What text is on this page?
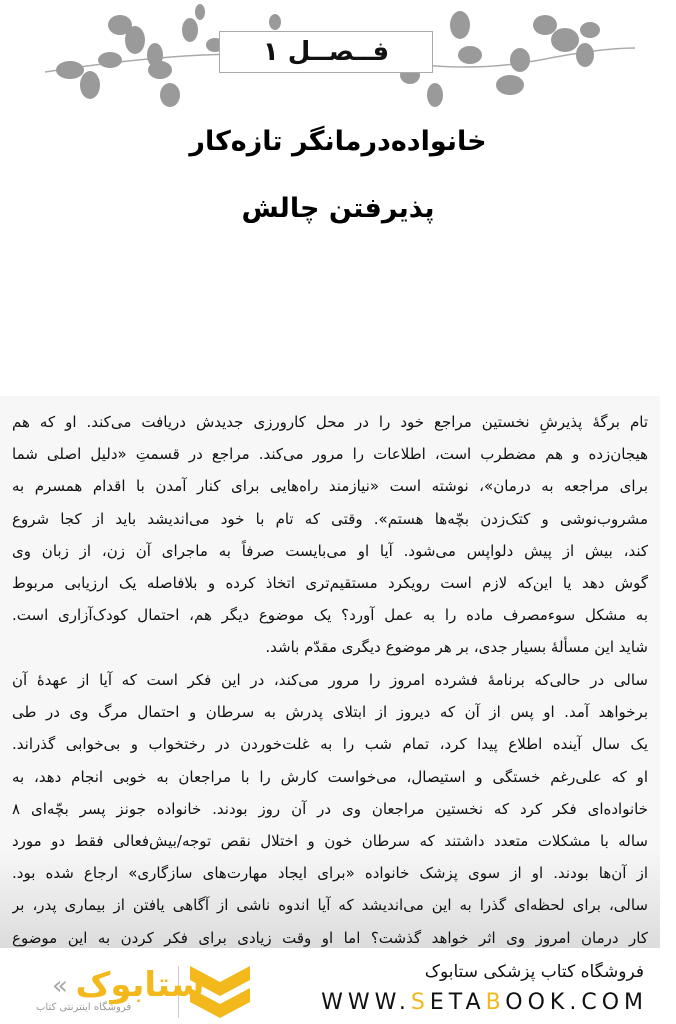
فــصــل ۱
خانواده‌درمانگر تازه‌کار
پذیرفتن چالش
تام برگهٔ پذیرشِ نخستین مراجع خود را در محل کارورزی جدیدش دریافت می‌کند. او که هم
هیجان‌زده و هم مضطرب است، اطلاعات را مرور می‌کند. مراجع در قسمتِ «دلیل اصلی شما
برای مراجعه به درمان»، نوشته است «نیازمند راه‌هایی برای کنار آمدن با اقدام همسرم به
مشروب‌نوشی و کتک‌زدن بچّه‌ها هستم». وقتی که تام با خود می‌اندیشد باید از کجا شروع
کند، بیش از پیش دلواپس می‌شود. آیا او می‌بایست صرفاً به ماجرای آن زن، از زبان وی
گوش دهد یا این‌که لازم است رویکرد مستقیم‌تری اتخاذ کرده و بلافاصله یک ارزیابی مربوط
به مشکل سوءمصرف ماده را به عمل آورد؟ یک موضوع دیگر هم، احتمال کودک‌آزاری است.
شاید این مسألهٔ بسیار جدی، بر هر موضوع دیگری مقدّم باشد.
سالی در حالی‌که برنامهٔ فشرده امروز را مرور می‌کند، در این فکر است که آیا از عهدهٔ آن
برخواهد آمد. او پس از آن که دیروز از ابتلای پدرش به سرطان و احتمال مرگ وی در طی
یک سال آینده اطلاع پیدا کرد، تمام شب را به غلت‌خوردن در رختخواب و بی‌خوابی گذراند.
او که علی‌رغم خستگی و استیصال، می‌خواست کارش را با مراجعان به خوبی انجام دهد، به
خانواده‌ای فکر کرد که نخستین مراجعان وی در آن روز بودند. خانواده جونز پسر بچّه‌ای ۸
ساله با مشکلات متعدد داشتند که سرطان خون و اختلال نقص توجه/بیش‌فعالی فقط دو مورد
از آن‌ها بودند. او از سوی پزشک خانواده «برای ایجاد مهارت‌های سازگاری» ارجاع شده بود.
سالی، برای لحظه‌ای گذرا به این می‌اندیشد که آیا اندوه ناشی از آگاهی یافتن از بیماری پدر، بر
کار درمان امروز وی اثر خواهد گذشت؟ اما او وقت زیادی برای فکر کردن به این موضوع
ستابوک
«
فروشگاه اینترنتی کتاب
فروشگاه کتاب پزشکی ستابوک
WWW.SETABOOK.COM
